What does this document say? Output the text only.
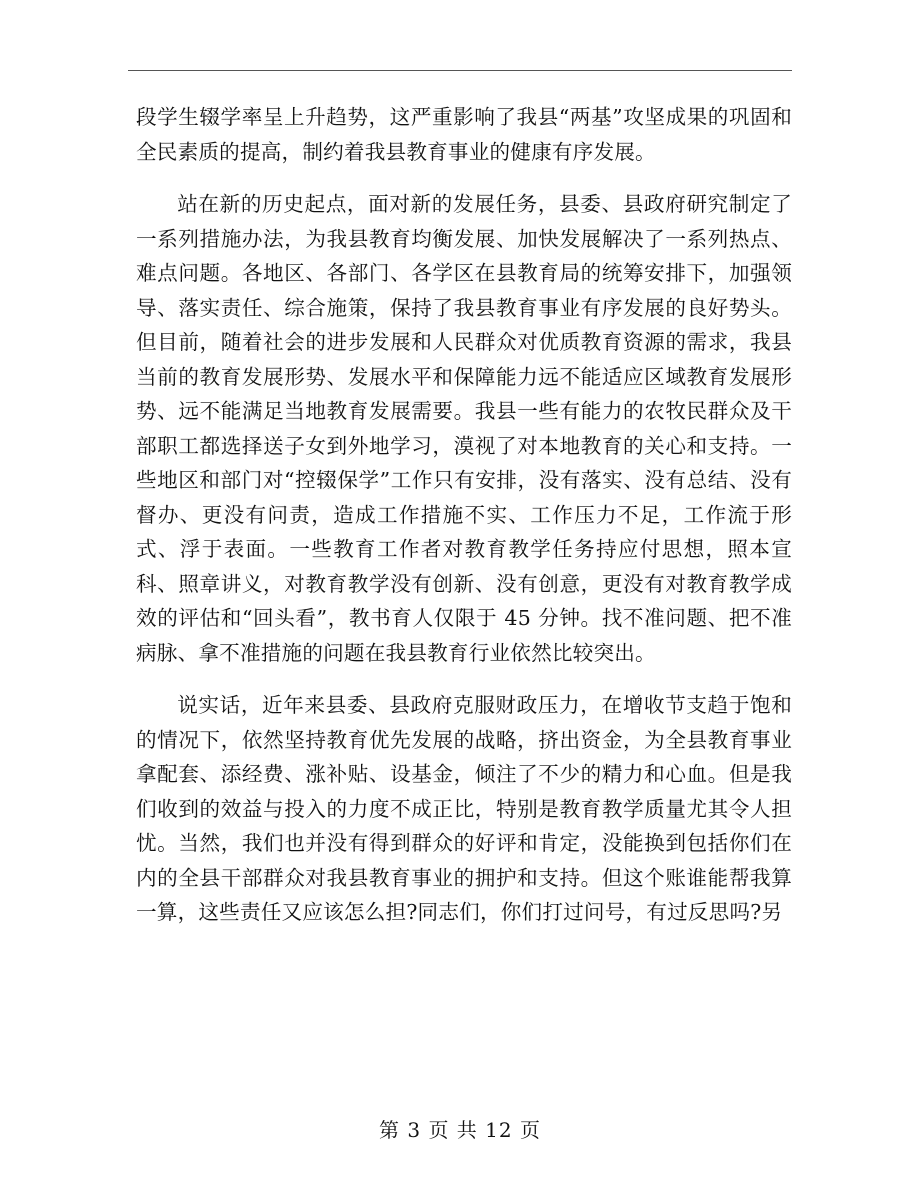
段学生辍学率呈上升趋势，这严重影响了我县“两基”攻坚成果的巩固和全民素质的提高，制约着我县教育事业的健康有序发展。

站在新的历史起点，面对新的发展任务，县委、县政府研究制定了一系列措施办法，为我县教育均衡发展、加快发展解决了一系列热点、难点问题。各地区、各部门、各学区在县教育局的统筹安排下，加强领导、落实责任、综合施策，保持了我县教育事业有序发展的良好势头。但目前，随着社会的进步发展和人民群众对优质教育资源的需求，我县当前的教育发展形势、发展水平和保障能力远不能适应区域教育发展形势、远不能满足当地教育发展需要。我县一些有能力的农牧民群众及干部职工都选择送子女到外地学习，漠视了对本地教育的关心和支持。一些地区和部门对“控辍保学”工作只有安排，没有落实、没有总结、没有督办、更没有问责，造成工作措施不实、工作压力不足，工作流于形式、浮于表面。一些教育工作者对教育教学任务持应付思想，照本宣科、照章讲义，对教育教学没有创新、没有创意，更没有对教育教学成效的评估和“回头看”，教书育人仅限于 45 分钟。找不准问题、把不准病脉、拿不准措施的问题在我县教育行业依然比较突出。

说实话，近年来县委、县政府克服财政压力，在增收节支趋于饱和的情况下，依然坚持教育优先发展的战略，挤出资金，为全县教育事业拿配套、添经费、涨补贴、设基金，倾注了不少的精力和心血。但是我们收到的效益与投入的力度不成正比，特别是教育教学质量尤其令人担忧。当然，我们也并没有得到群众的好评和肯定，没能换到包括你们在内的全县干部群众对我县教育事业的拥护和支持。但这个账谁能帮我算一算，这些责任又应该怎么担?同志们，你们打过问号，有过反思吗?另

第 3 页 共 12 页
